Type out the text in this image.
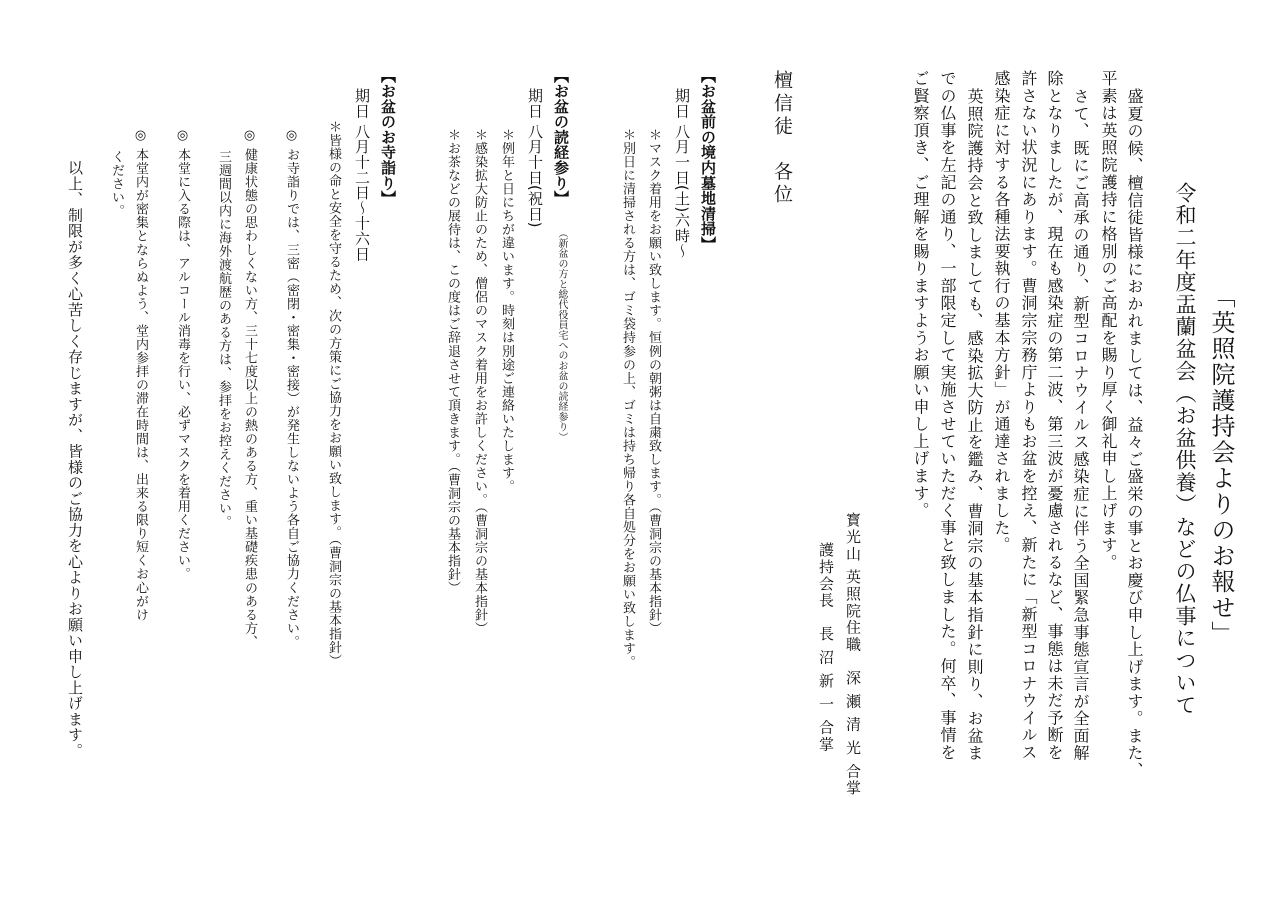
「英照院護持会よりのお報せ」
令和二年度盂蘭盆会（お盆供養）などの仏事について
盛夏の候、檀信徒皆様におかれましては、益々ご盛栄の事とお慶び申し上げます。また、
平素は英照院護持に格別のご高配を賜り厚く御礼申し上げます。
さて、既にご高承の通り、新型コロナウイルス感染症に伴う全国緊急事態宣言が全面解
除となりましたが、現在も感染症の第二波、第三波が憂慮されるなど、事態は未だ予断を
許さない状況にあります。曹洞宗宗務庁よりもお盆を控え、新たに「新型コロナウイルス
感染症に対する各種法要執行の基本方針」が通達されました。
英照院護持会と致しましても、感染拡大防止を鑑み、曹洞宗の基本指針に則り、お盆ま
での仏事を左記の通り、一部限定して実施させていただく事と致しました。何卒、事情を
ご賢察頂き、ご理解を賜りますようお願い申し上げます。
寳光山 英照院住職　深 瀬 清 光 合掌
護持会長　長 沼 新 一 合掌
檀信徒　各位
【お盆前の境内墓地清掃】
期日 八月一日(土)六時～
＊マスク着用をお願い致します。恒例の朝粥は自粛致します。（曹洞宗の基本指針）
＊別日に清掃される方は、ゴミ袋持参の上、ゴミは持ち帰り各自処分をお願い致します。
【お盆の読経参り】
（新盆の方と総代役員宅へのお盆の読経参り）
期日 八月十日(祝日)
＊例年と日にちが違います。時刻は別途ご連絡いたします。
＊感染拡大防止のため、僧侶のマスク着用をお許しください。（曹洞宗の基本指針）
＊お茶などの展待は、この度はご辞退させて頂きます。（曹洞宗の基本指針）
【お盆のお寺詣り】
期日 八月十二日～十六日
＊皆様の命と安全を守るため、次の方策にご協力をお願い致します。（曹洞宗の基本指針）
◎ お寺詣りでは、三密（密閉・密集・密接）が発生しないよう各自ご協力ください。
◎ 健康状態の思わしくない方、三十七度以上の熱のある方、重い基礎疾患のある方、
三週間以内に海外渡航歴のある方は、参拝をお控えください。
◎ 本堂に入る際は、アルコール消毒を行い、必ずマスクを着用ください。
◎ 本堂内が密集とならぬよう、堂内参拝の滞在時間は、出来る限り短くお心がけ
ください。
以上、制限が多く心苦しく存じますが、皆様のご協力を心よりお願い申し上げます。
